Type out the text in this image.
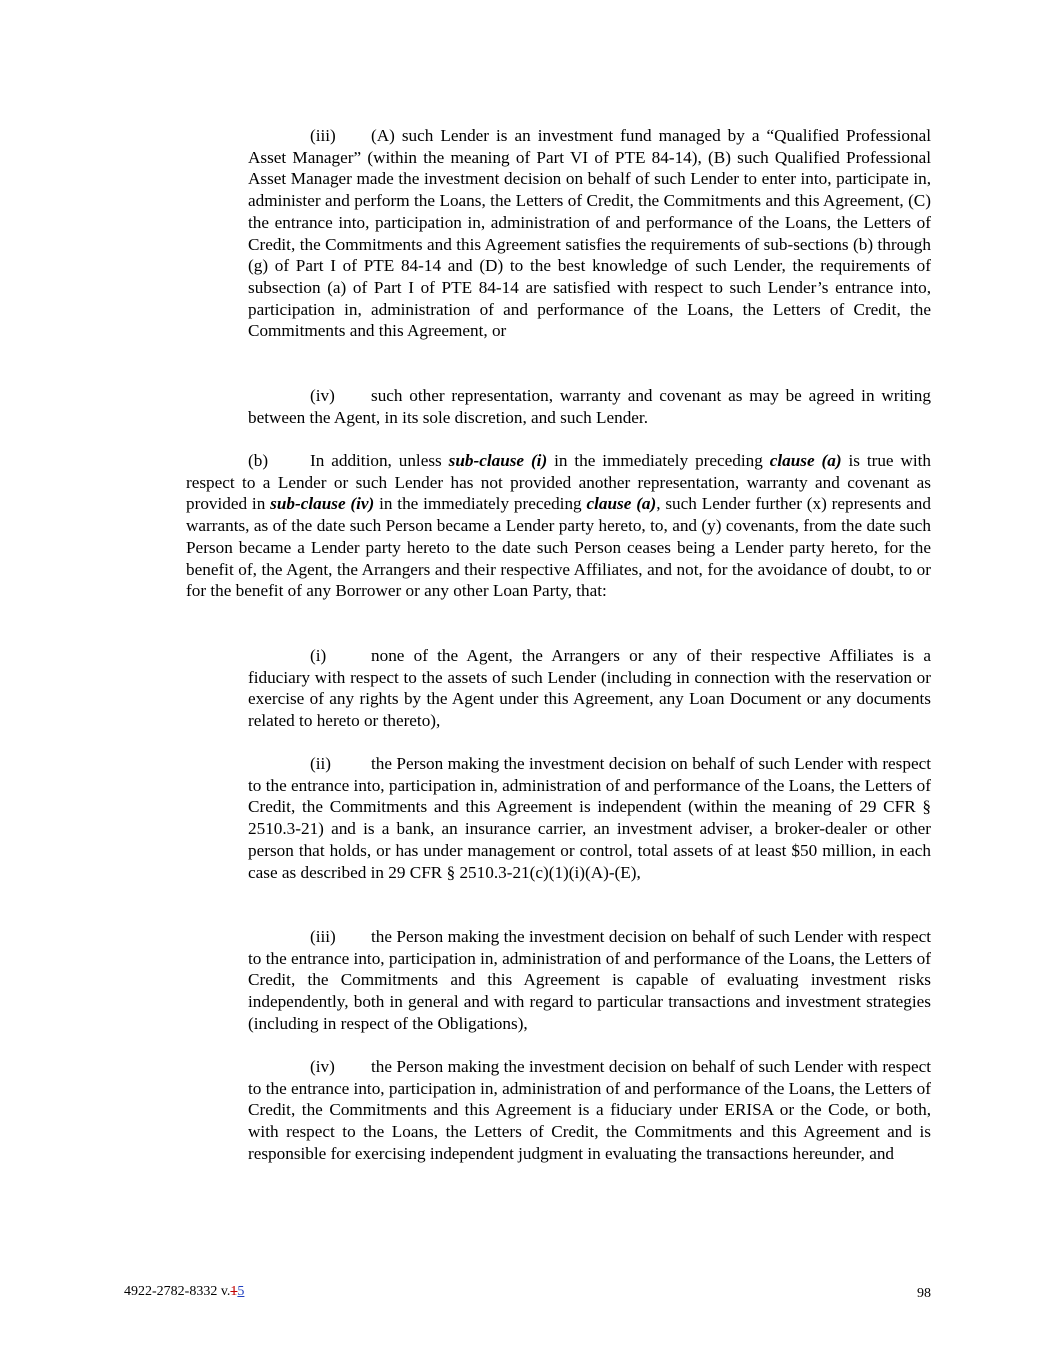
(iii) (A) such Lender is an investment fund managed by a “Qualified Professional Asset Manager” (within the meaning of Part VI of PTE 84-14), (B) such Qualified Professional Asset Manager made the investment decision on behalf of such Lender to enter into, participate in, administer and perform the Loans, the Letters of Credit, the Commitments and this Agreement, (C) the entrance into, participation in, administration of and performance of the Loans, the Letters of Credit, the Commitments and this Agreement satisfies the requirements of sub-sections (b) through (g) of Part I of PTE 84-14 and (D) to the best knowledge of such Lender, the requirements of subsection (a) of Part I of PTE 84-14 are satisfied with respect to such Lender’s entrance into, participation in, administration of and performance of the Loans, the Letters of Credit, the Commitments and this Agreement, or

(iv) such other representation, warranty and covenant as may be agreed in writing between the Agent, in its sole discretion, and such Lender.

(b) In addition, unless sub-clause (i) in the immediately preceding clause (a) is true with respect to a Lender or such Lender has not provided another representation, warranty and covenant as provided in sub-clause (iv) in the immediately preceding clause (a), such Lender further (x) represents and warrants, as of the date such Person became a Lender party hereto, to, and (y) covenants, from the date such Person became a Lender party hereto to the date such Person ceases being a Lender party hereto, for the benefit of, the Agent, the Arrangers and their respective Affiliates, and not, for the avoidance of doubt, to or for the benefit of any Borrower or any other Loan Party, that:

(i)	none of the Agent, the Arrangers or any of their respective Affiliates is a fiduciary with respect to the assets of such Lender (including in connection with the reservation or exercise of any rights by the Agent under this Agreement, any Loan Document or any documents related to hereto or thereto),

(ii) the Person making the investment decision on behalf of such Lender with respect to the entrance into, participation in, administration of and performance of the Loans, the Letters of Credit, the Commitments and this Agreement is independent (within the meaning of 29 CFR § 2510.3-21) and is a bank, an insurance carrier, an investment adviser, a broker-dealer or other person that holds, or has under management or control, total assets of at least $50 million, in each case as described in 29 CFR § 2510.3-21(c)(1)(i)(A)-(E),

(iii) the Person making the investment decision on behalf of such Lender with respect to the entrance into, participation in, administration of and performance of the Loans, the Letters of Credit, the Commitments and this Agreement is capable of evaluating investment risks independently, both in general and with regard to particular transactions and investment strategies (including in respect of the Obligations),

(iv) the Person making the investment decision on behalf of such Lender with respect to the entrance into, participation in, administration of and performance of the Loans, the Letters of Credit, the Commitments and this Agreement is a fiduciary under ERISA or the Code, or both, with respect to the Loans, the Letters of Credit, the Commitments and this Agreement and is responsible for exercising independent judgment in evaluating the transactions hereunder, and

4922-2782-8332 v.15	98
